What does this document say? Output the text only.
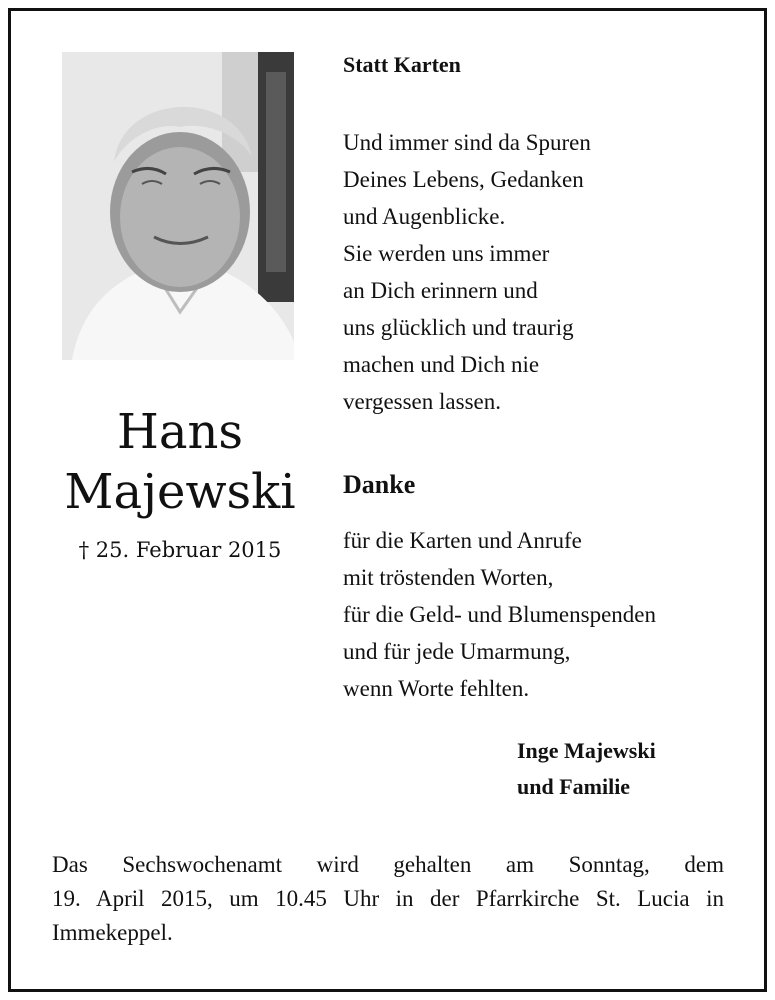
Hans
Majewski
† 25. Februar 2015
Statt Karten
Und immer sind da Spuren
Deines Lebens, Gedanken
und Augenblicke.
Sie werden uns immer
an Dich erinnern und
uns glücklich und traurig
machen und Dich nie
vergessen lassen.
Danke
für die Karten und Anrufe
mit tröstenden Worten,
für die Geld- und Blumenspenden
und für jede Umarmung,
wenn Worte fehlten.
Inge Majewski
und Familie
Das Sechswochenamt wird gehalten am Sonntag, dem
19. April 2015, um 10.45 Uhr in der Pfarrkirche St. Lucia in
Immekeppel.
